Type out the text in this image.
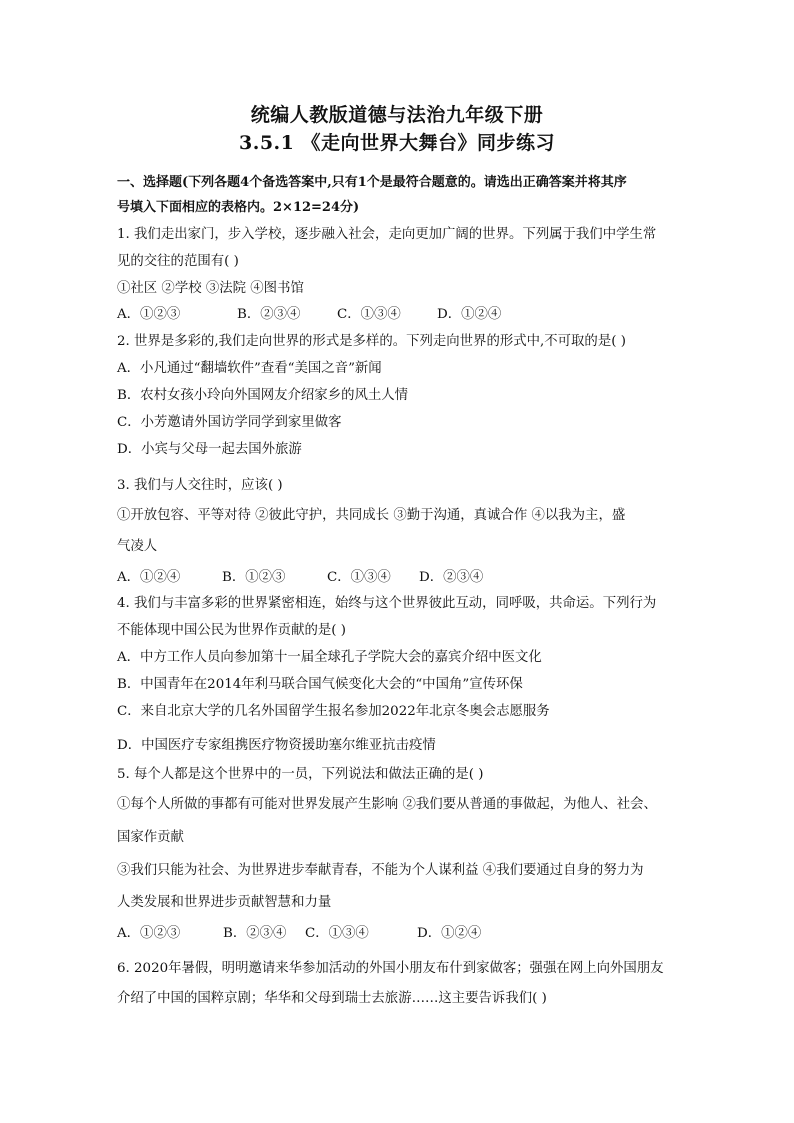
统编人教版道德与法治九年级下册
3.5.1 《走向世界大舞台》同步练习
一、选择题(下列各题4个备选答案中,只有1个是最符合题意的。请选出正确答案并将其序
号填入下面相应的表格内。2×12=24分)
1. 我们走出家门，步入学校，逐步融入社会，走向更加广阔的世界。下列属于我们中学生常
见的交往的范围有( )
①社区 ②学校 ③法院 ④图书馆
A．①②③	B．②③④	C．①③④	D．①②④
2. 世界是多彩的,我们走向世界的形式是多样的。下列走向世界的形式中,不可取的是( )
A．小凡通过“翻墙软件”查看“美国之音”新闻
B．农村女孩小玲向外国网友介绍家乡的风土人情
C．小芳邀请外国访学同学到家里做客
D．小宾与父母一起去国外旅游
3. 我们与人交往时，应该( )
①开放包容、平等对待 ②彼此守护，共同成长 ③勤于沟通，真诚合作 ④以我为主，盛
气凌人
A．①②④	B．①②③	C．①③④ D．②③④
4. 我们与丰富多彩的世界紧密相连，始终与这个世界彼此互动，同呼吸，共命运。下列行为
不能体现中国公民为世界作贡献的是( )
A．中方工作人员向参加第十一届全球孔子学院大会的嘉宾介绍中医文化
B．中国青年在2014年利马联合国气候变化大会的“中国角”宣传环保
C．来自北京大学的几名外国留学生报名参加2022年北京冬奥会志愿服务
D．中国医疗专家组携医疗物资援助塞尔维亚抗击疫情
5. 每个人都是这个世界中的一员，下列说法和做法正确的是( )
①每个人所做的事都有可能对世界发展产生影响 ②我们要从普通的事做起，为他人、社会、
国家作贡献
③我们只能为社会、为世界进步奉献青春，不能为个人谋利益 ④我们要通过自身的努力为
人类发展和世界进步贡献智慧和力量
A．①②③	B．②③④ C．①③④	D．①②④
6. 2020年暑假，明明邀请来华参加活动的外国小朋友布什到家做客；强强在网上向外国朋友
介绍了中国的国粹京剧；华华和父母到瑞士去旅游……这主要告诉我们( )
